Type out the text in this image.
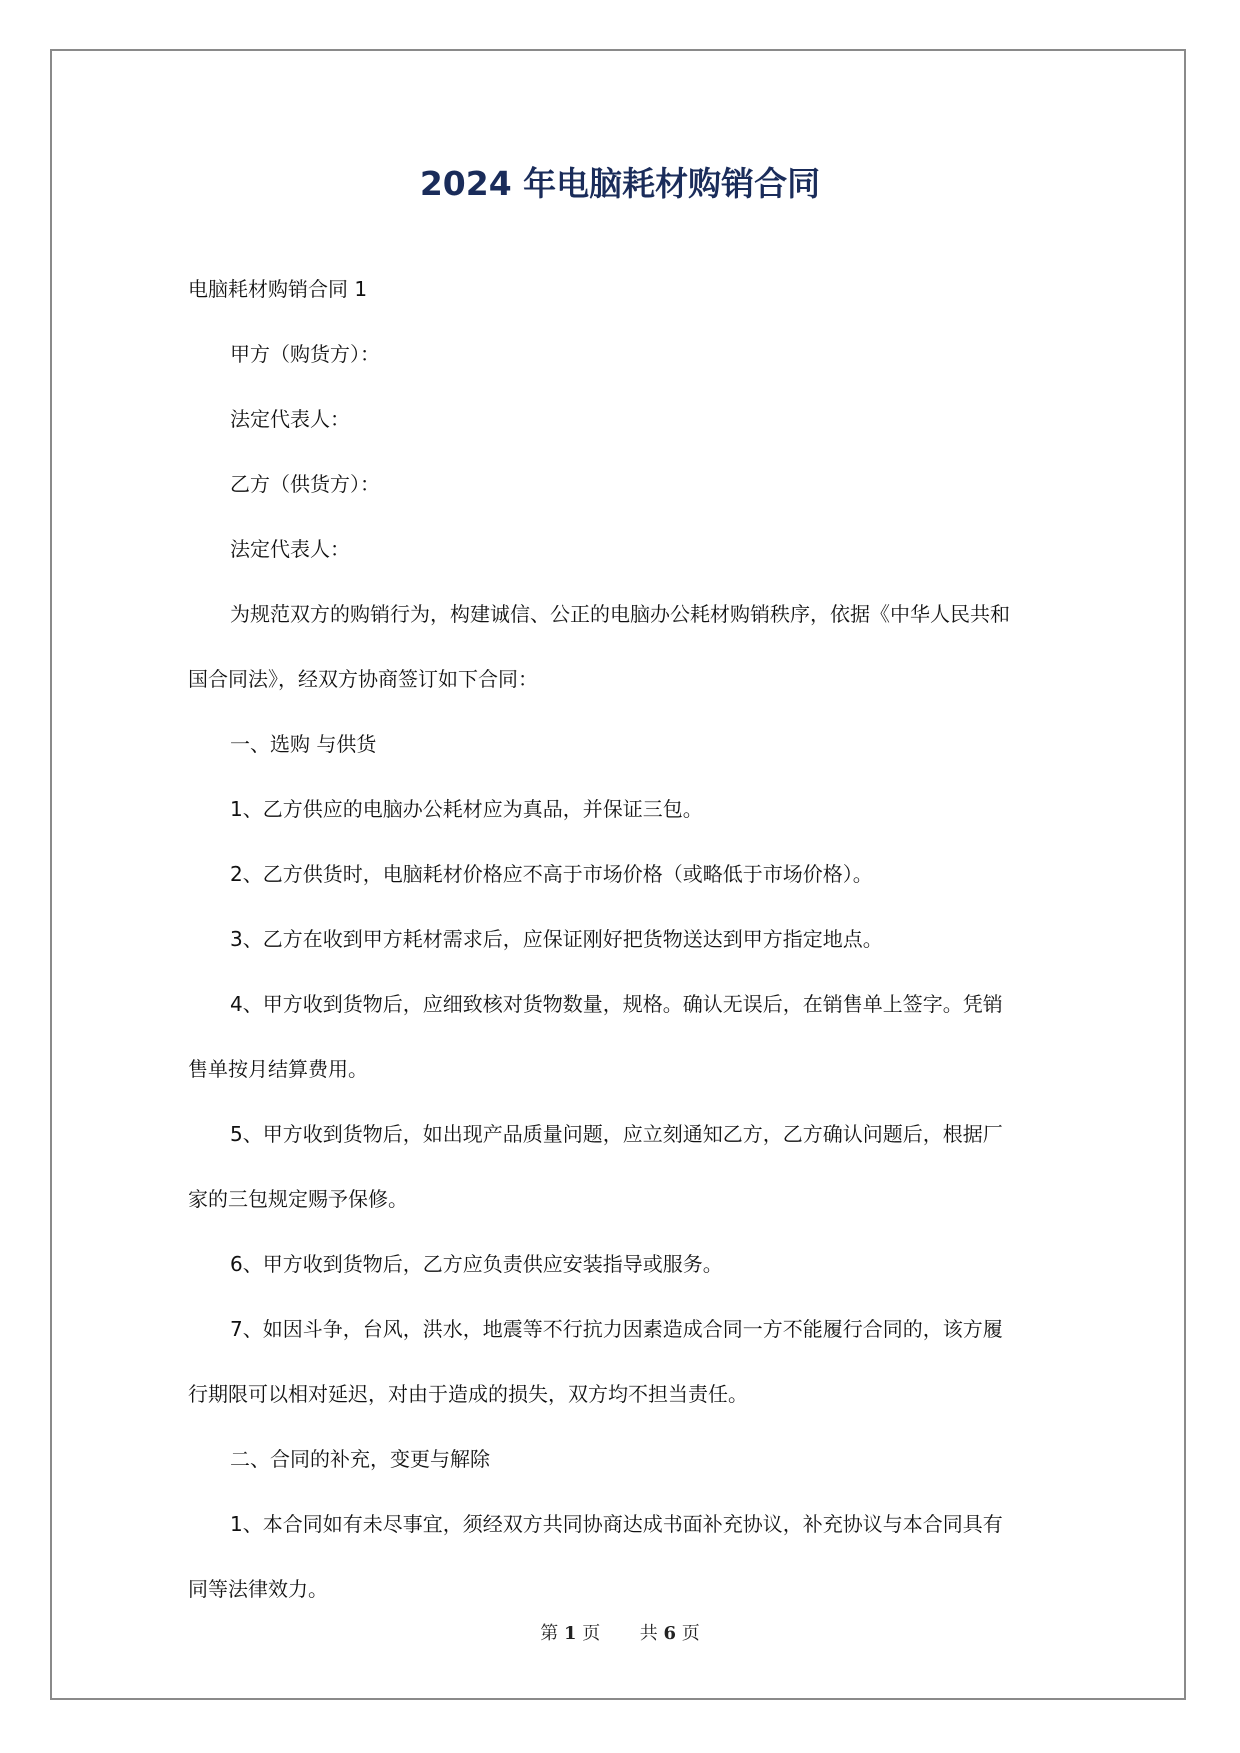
2024 年电脑耗材购销合同
电脑耗材购销合同 1
甲方（购货方）：
法定代表人：
乙方（供货方）：
法定代表人：
为规范双方的购销行为，构建诚信、公正的电脑办公耗材购销秩序，依据《中华人民共和
国合同法》，经双方协商签订如下合同：
一、选购 与供货
1、乙方供应的电脑办公耗材应为真品，并保证三包。
2、乙方供货时，电脑耗材价格应不高于市场价格（或略低于市场价格）。
3、乙方在收到甲方耗材需求后，应保证刚好把货物送达到甲方指定地点。
4、甲方收到货物后，应细致核对货物数量，规格。确认无误后，在销售单上签字。凭销
售单按月结算费用。
5、甲方收到货物后，如出现产品质量问题，应立刻通知乙方，乙方确认问题后，根据厂
家的三包规定赐予保修。
6、甲方收到货物后，乙方应负责供应安装指导或服务。
7、如因斗争，台风，洪水，地震等不行抗力因素造成合同一方不能履行合同的，该方履
行期限可以相对延迟，对由于造成的损失，双方均不担当责任。
二、合同的补充，变更与解除
1、本合同如有未尽事宜，须经双方共同协商达成书面补充协议，补充协议与本合同具有
同等法律效力。
第 1 页 共 6 页
